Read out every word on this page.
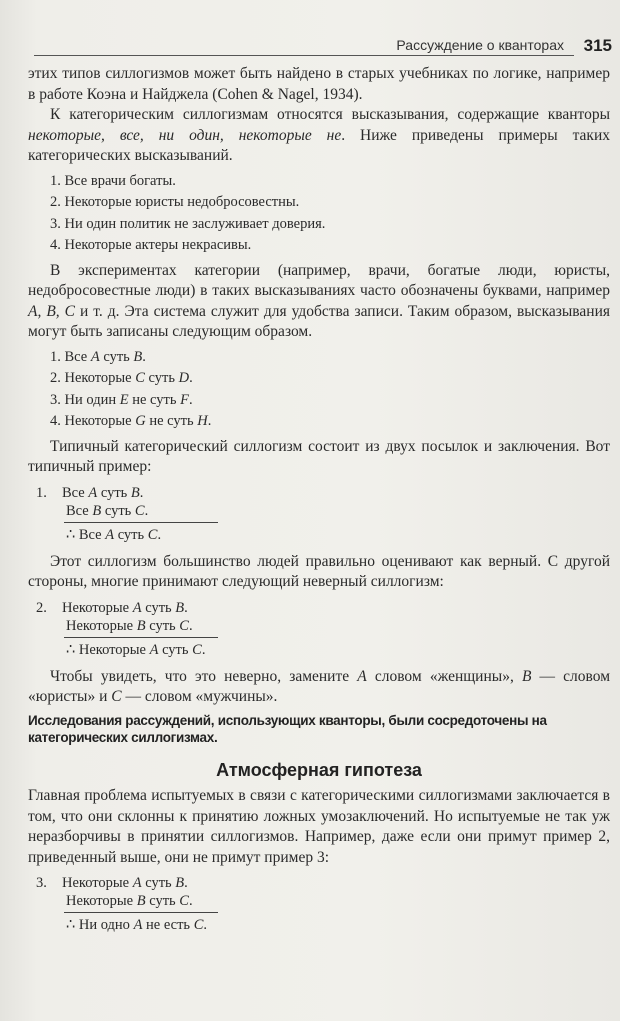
Рассуждение о кванторах 315

этих типов силлогизмов может быть найдено в старых учебниках по логике, например в работе Коэна и Найджела (Cohen & Nagel, 1934).

К категорическим силлогизмам относятся высказывания, содержащие кванторы некоторые, все, ни один, некоторые не. Ниже приведены примеры таких категорических высказываний.

1. Все врачи богаты.
2. Некоторые юристы недобросовестны.
3. Ни один политик не заслуживает доверия.
4. Некоторые актеры некрасивы.

В экспериментах категории (например, врачи, богатые люди, юристы, недобросовестные люди) в таких высказываниях часто обозначены буквами, например A, B, C и т. д. Эта система служит для удобства записи. Таким образом, высказывания могут быть записаны следующим образом.

1. Все A суть B.
2. Некоторые C суть D.
3. Ни один E не суть F.
4. Некоторые G не суть H.

Типичный категорический силлогизм состоит из двух посылок и заключения. Вот типичный пример:

1. Все A суть B.
Все B суть C.
∴ Все A суть C.

Этот силлогизм большинство людей правильно оценивают как верный. С другой стороны, многие принимают следующий неверный силлогизм:

2. Некоторые A суть B.
Некоторые B суть C.
∴ Некоторые A суть C.

Чтобы увидеть, что это неверно, замените A словом «женщины», B — словом «юристы» и C — словом «мужчины».

Исследования рассуждений, использующих кванторы, были сосредоточены на категорических силлогизмах.
Атмосферная гипотеза

Главная проблема испытуемых в связи с категорическими силлогизмами заключается в том, что они склонны к принятию ложных умозаключений. Но испытуемые не так уж неразборчивы в принятии силлогизмов. Например, даже если они примут пример 2, приведенный выше, они не примут пример 3:

3. Некоторые A суть B.
Некоторые B суть C.
∴ Ни одно A не есть C.
